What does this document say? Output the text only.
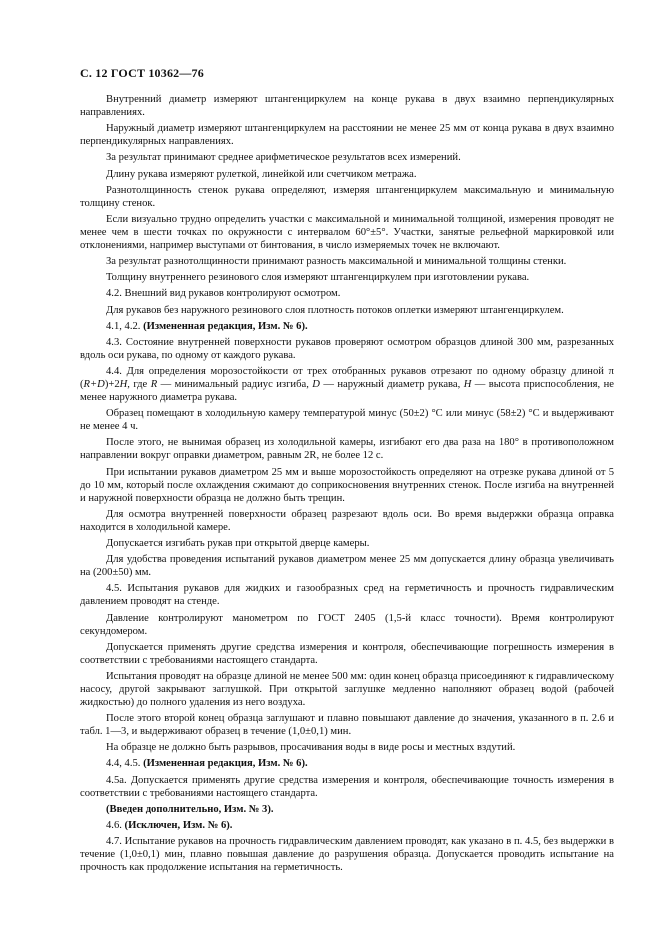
С. 12 ГОСТ 10362—76

Внутренний диаметр измеряют штангенциркулем на конце рукава в двух взаимно перпендикулярных направлениях.

Наружный диаметр измеряют штангенциркулем на расстоянии не менее 25 мм от конца рукава в двух взаимно перпендикулярных направлениях.

За результат принимают среднее арифметическое результатов всех измерений.

Длину рукава измеряют рулеткой, линейкой или счетчиком метража.

Разнотолщинность стенок рукава определяют, измеряя штангенциркулем максимальную и минимальную толщину стенок.

Если визуально трудно определить участки с максимальной и минимальной толщиной, измерения проводят не менее чем в шести точках по окружности с интервалом 60°±5°. Участки, занятые рельефной маркировкой или отклонениями, например выступами от бинтования, в число измеряемых точек не включают.

За результат разнотолщинности принимают разность максимальной и минимальной толщины стенки.

Толщину внутреннего резинового слоя измеряют штангенциркулем при изготовлении рукава.

4.2. Внешний вид рукавов контролируют осмотром.

Для рукавов без наружного резинового слоя плотность потоков оплетки измеряют штангенциркулем.

4.1, 4.2. (Измененная редакция, Изм. № 6).

4.3. Состояние внутренней поверхности рукавов проверяют осмотром образцов длиной 300 мм, разрезанных вдоль оси рукава, по одному от каждого рукава.

4.4. Для определения морозостойкости от трех отобранных рукавов отрезают по одному образцу длиной π (R+D)+2H, где R — минимальный радиус изгиба, D — наружный диаметр рукава, H — высота приспособления, не менее наружного диаметра рукава.

Образец помещают в холодильную камеру температурой минус (50±2) °С или минус (58±2) °С и выдерживают не менее 4 ч.

После этого, не вынимая образец из холодильной камеры, изгибают его два раза на 180° в противоположном направлении вокруг оправки диаметром, равным 2R, не более 12 с.

При испытании рукавов диаметром 25 мм и выше морозостойкость определяют на отрезке рукава длиной от 5 до 10 мм, который после охлаждения сжимают до соприкосновения внутренних стенок. После изгиба на внутренней и наружной поверхности образца не должно быть трещин.

Для осмотра внутренней поверхности образец разрезают вдоль оси. Во время выдержки образца оправка находится в холодильной камере.

Допускается изгибать рукав при открытой дверце камеры.

Для удобства проведения испытаний рукавов диаметром менее 25 мм допускается длину образца увеличивать на (200±50) мм.

4.5. Испытания рукавов для жидких и газообразных сред на герметичность и прочность гидравлическим давлением проводят на стенде.

Давление контролируют манометром по ГОСТ 2405 (1,5-й класс точности). Время контролируют секундомером.

Допускается применять другие средства измерения и контроля, обеспечивающие погрешность измерения в соответствии с требованиями настоящего стандарта.

Испытания проводят на образце длиной не менее 500 мм: один конец образца присоединяют к гидравлическому насосу, другой закрывают заглушкой. При открытой заглушке медленно наполняют образец водой (рабочей жидкостью) до полного удаления из него воздуха.

После этого второй конец образца заглушают и плавно повышают давление до значения, указанного в п. 2.6 и табл. 1—3, и выдерживают образец в течение (1,0±0,1) мин.

На образце не должно быть разрывов, просачивания воды в виде росы и местных вздутий.

4.4, 4.5. (Измененная редакция, Изм. № 6).

4.5а. Допускается применять другие средства измерения и контроля, обеспечивающие точность измерения в соответствии с требованиями настоящего стандарта.

(Введен дополнительно, Изм. № 3).

4.6. (Исключен, Изм. № 6).

4.7. Испытание рукавов на прочность гидравлическим давлением проводят, как указано в п. 4.5, без выдержки в течение (1,0±0,1) мин, плавно повышая давление до разрушения образца. Допускается проводить испытание на прочность как продолжение испытания на герметичность.
